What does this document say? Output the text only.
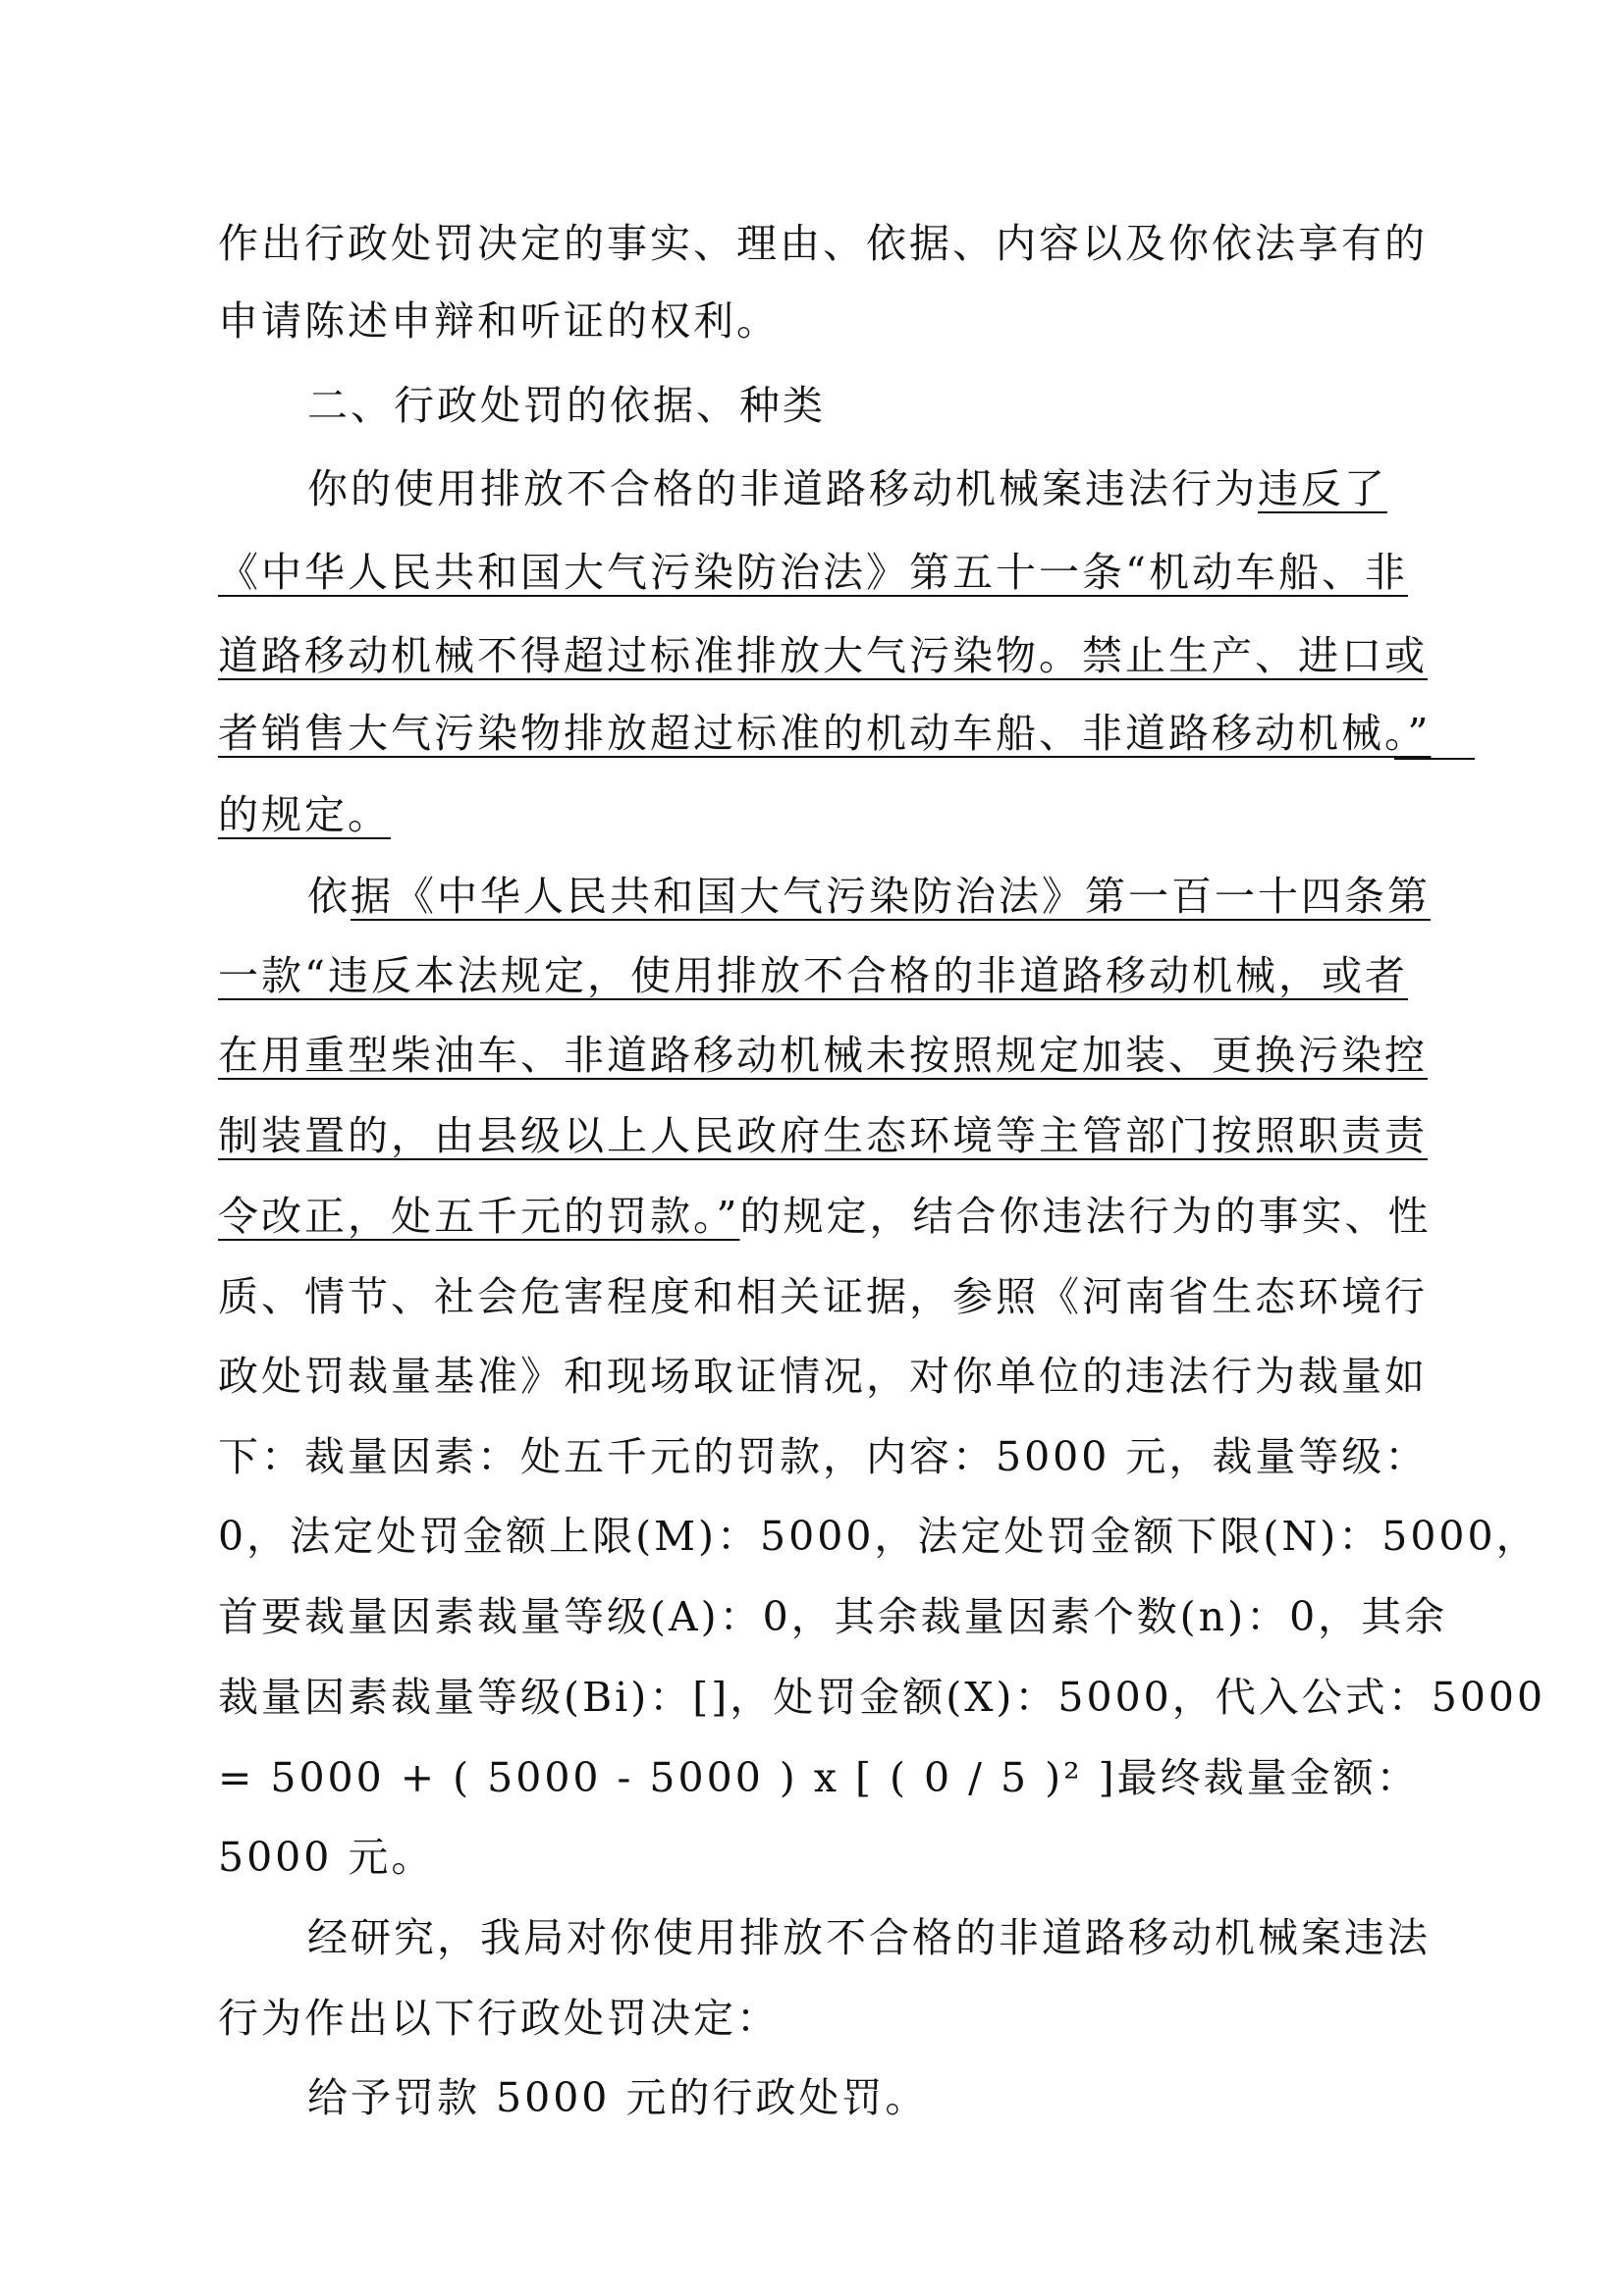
作出行政处罚决定的事实、理由、依据、内容以及你依法享有的
申请陈述申辩和听证的权利。
二、行政处罚的依据、种类
你的使用排放不合格的非道路移动机械案违法行为违反了
《中华人民共和国大气污染防治法》第五十一条“机动车船、非
道路移动机械不得超过标准排放大气污染物。禁止生产、进口或
者销售大气污染物排放超过标准的机动车船、非道路移动机械。”
的规定。
依据《中华人民共和国大气污染防治法》第一百一十四条第
一款“违反本法规定，使用排放不合格的非道路移动机械，或者
在用重型柴油车、非道路移动机械未按照规定加装、更换污染控
制装置的，由县级以上人民政府生态环境等主管部门按照职责责
令改正，处五千元的罚款。”的规定，结合你违法行为的事实、性
质、情节、社会危害程度和相关证据，参照《河南省生态环境行
政处罚裁量基准》和现场取证情况，对你单位的违法行为裁量如
下：裁量因素：处五千元的罚款，内容：5000 元，裁量等级：
0，法定处罚金额上限(M)：5000，法定处罚金额下限(N)：5000，
首要裁量因素裁量等级(A)：0，其余裁量因素个数(n)：0，其余
裁量因素裁量等级(Bi)：[]，处罚金额(X)：5000，代入公式：5000
= 5000 + ( 5000 - 5000 ) x [ ( 0 / 5 )² ]最终裁量金额：
5000 元。
经研究，我局对你使用排放不合格的非道路移动机械案违法
行为作出以下行政处罚决定：
给予罚款 5000 元的行政处罚。
